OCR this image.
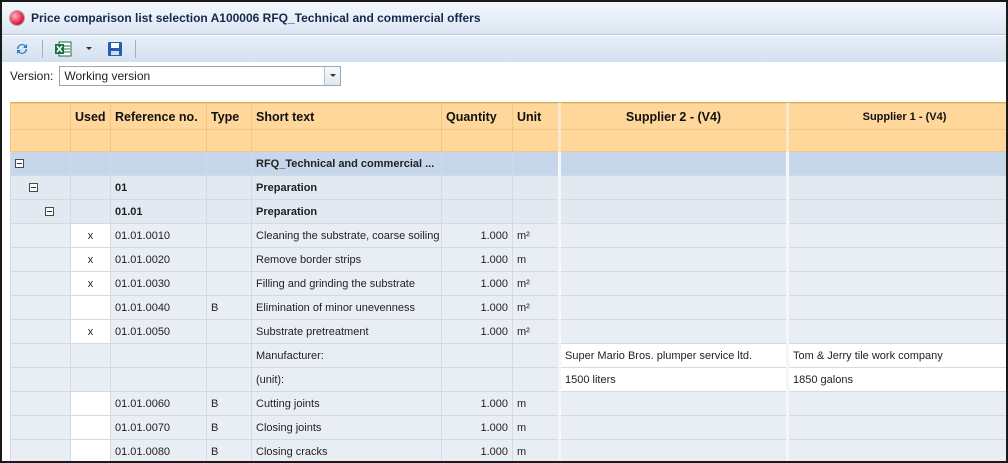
Price comparison list selection A100006 RFQ_Technical and commercial offers
Version: Working version
	Used	Reference no.	Type	Short text	Quantity	Unit	Supplier 2 - (V4)	Supplier 1 - (V4)

				RFQ_Technical and commercial ...				
		01		Preparation				
		01.01		Preparation				
	x	01.01.0010		Cleaning the substrate, coarse soiling	1.000	m²		
	x	01.01.0020		Remove border strips	1.000	m		
	x	01.01.0030		Filling and grinding the substrate	1.000	m²		
		01.01.0040	B	Elimination of minor unevenness	1.000	m²		
	x	01.01.0050		Substrate pretreatment	1.000	m²		
				Manufacturer:			Super Mario Bros. plumper service ltd.	Tom & Jerry tile work company
				(unit):			1500 liters	1850 galons
		01.01.0060	B	Cutting joints	1.000	m		
		01.01.0070	B	Closing joints	1.000	m		
		01.01.0080	B	Closing cracks	1.000	m		
